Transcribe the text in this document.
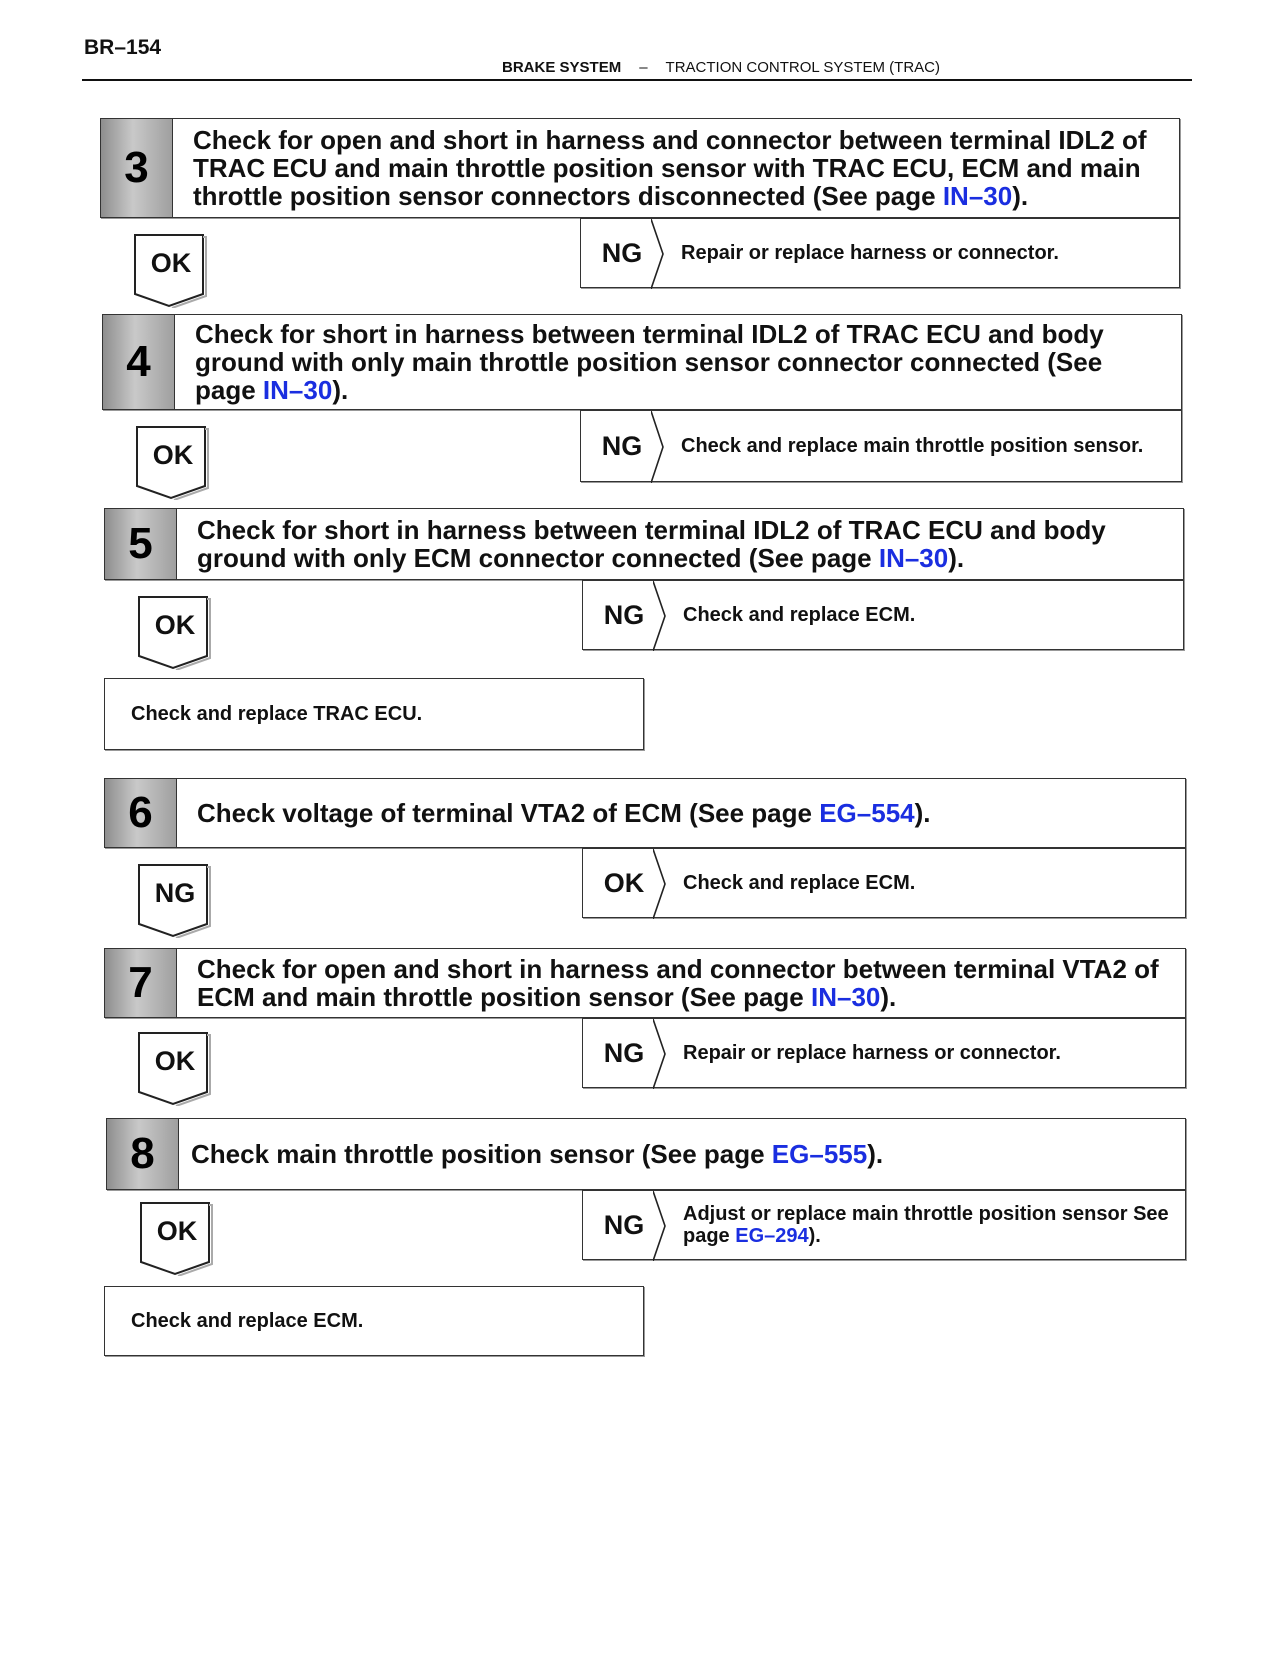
BR–154
BRAKE SYSTEM – TRACTION CONTROL SYSTEM (TRAC)
3
Check for open and short in harness and connector between terminal IDL2 of TRAC ECU and main throttle position sensor with TRAC ECU, ECM and main throttle position sensor connectors disconnected (See page IN–30).
OK	NG	Repair or replace harness or connector.
4
Check for short in harness between terminal IDL2 of TRAC ECU and body ground with only main throttle position sensor connector connected (See page IN–30).
OK	NG	Check and replace main throttle position sensor.
5	Check for short in harness between terminal IDL2 of TRAC ECU and body ground with only ECM connector connected (See page IN–30).
OK	NG	Check and replace ECM.
Check and replace TRAC ECU.
6	Check voltage of terminal VTA2 of ECM (See page EG–554).
NG	OK	Check and replace ECM.
7	Check for open and short in harness and connector between terminal VTA2 of ECM and main throttle position sensor (See page IN–30).
OK	NG	Repair or replace harness or connector.
8	Check main throttle position sensor (See page EG–555).
OK	NG	Adjust or replace main throttle position sensor See page EG–294).
Check and replace ECM.
